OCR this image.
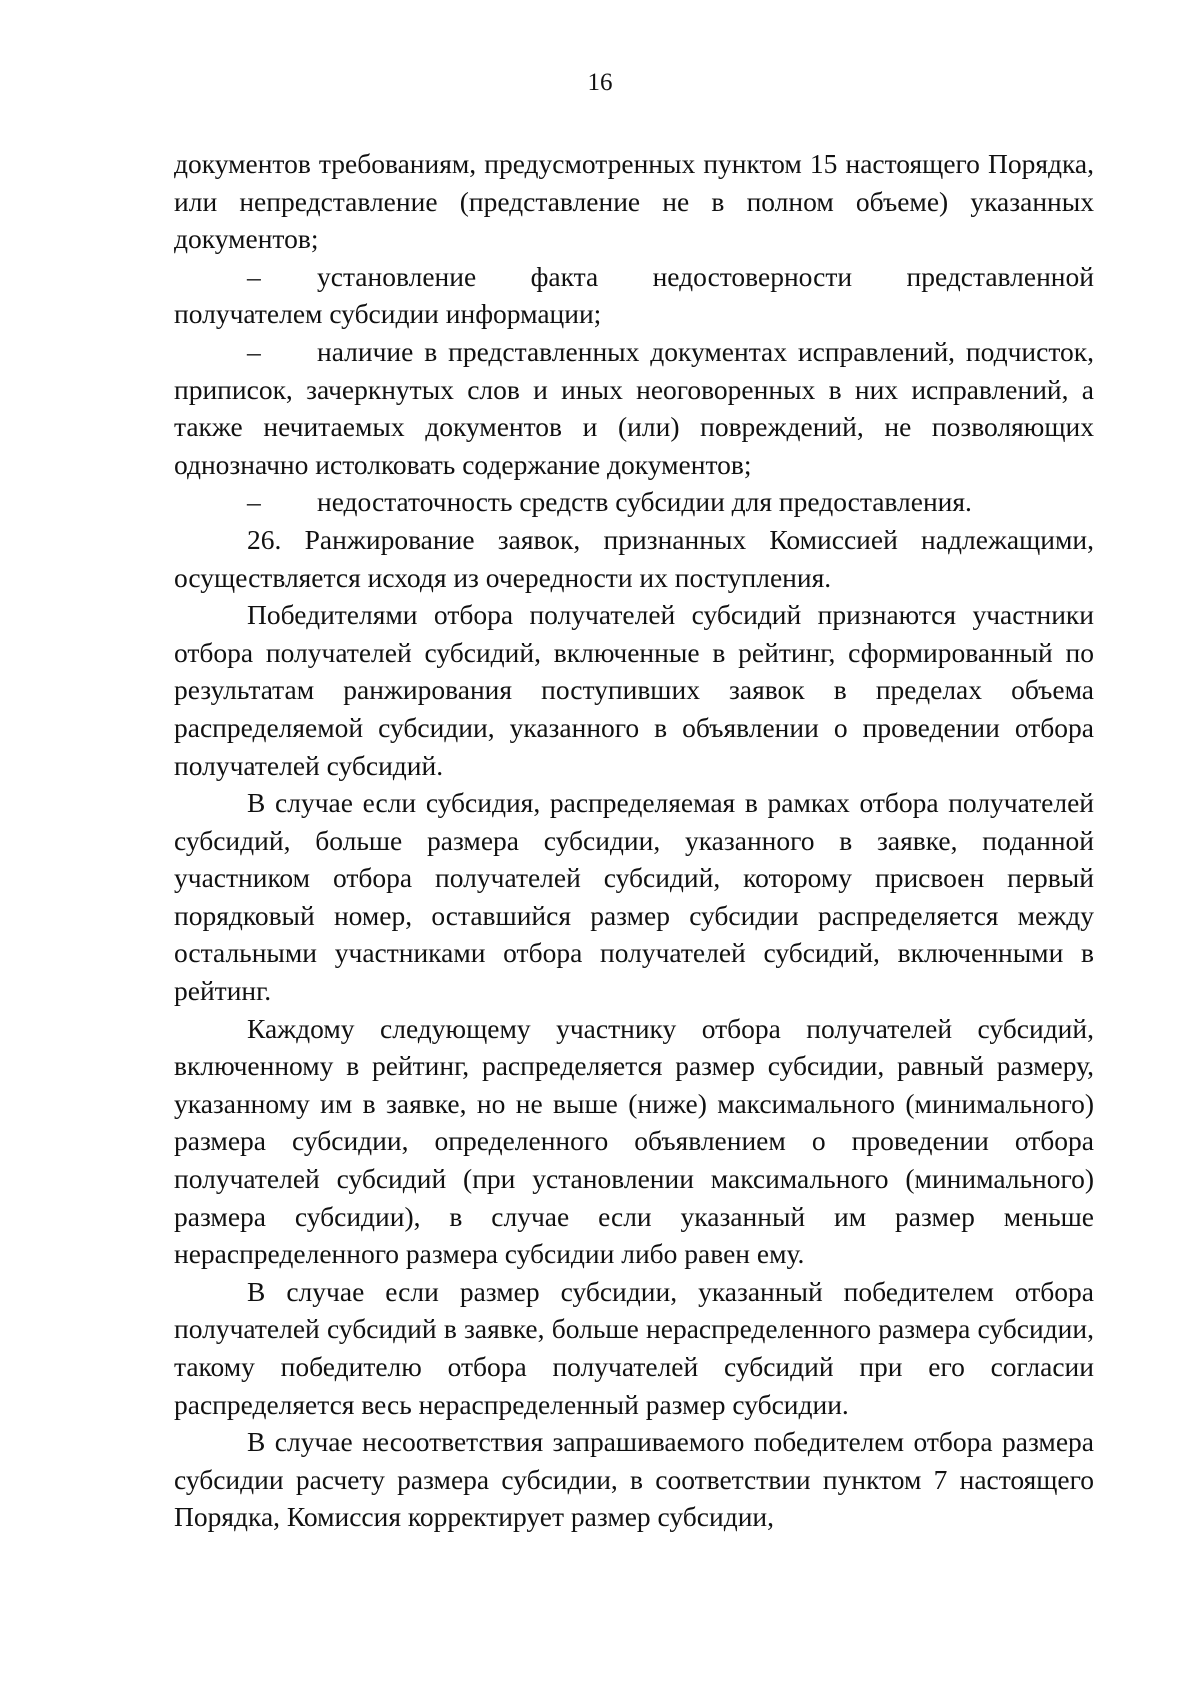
16

документов требованиям, предусмотренных пунктом 15 настоящего Порядка, или непредставление (представление не в полном объеме) указанных документов;

– установление факта недостоверности представленной получателем субсидии информации;

– наличие в представленных документах исправлений, подчисток, приписок, зачеркнутых слов и иных неоговоренных в них исправлений, а также нечитаемых документов и (или) повреждений, не позволяющих однозначно истолковать содержание документов;

– недостаточность средств субсидии для предоставления.

26. Ранжирование заявок, признанных Комиссией надлежащими, осуществляется исходя из очередности их поступления.

Победителями отбора получателей субсидий признаются участники отбора получателей субсидий, включенные в рейтинг, сформированный по результатам ранжирования поступивших заявок в пределах объема распределяемой субсидии, указанного в объявлении о проведении отбора получателей субсидий.

В случае если субсидия, распределяемая в рамках отбора получателей субсидий, больше размера субсидии, указанного в заявке, поданной участником отбора получателей субсидий, которому присвоен первый порядковый номер, оставшийся размер субсидии распределяется между остальными участниками отбора получателей субсидий, включенными в рейтинг.

Каждому следующему участнику отбора получателей субсидий, включенному в рейтинг, распределяется размер субсидии, равный размеру, указанному им в заявке, но не выше (ниже) максимального (минимального) размера субсидии, определенного объявлением о проведении отбора получателей субсидий (при установлении максимального (минимального) размера субсидии), в случае если указанный им размер меньше нераспределенного размера субсидии либо равен ему.

В случае если размер субсидии, указанный победителем отбора получателей субсидий в заявке, больше нераспределенного размера субсидии, такому победителю отбора получателей субсидий при его согласии распределяется весь нераспределенный размер субсидии.

В случае несоответствия запрашиваемого победителем отбора размера субсидии расчету размера субсидии, в соответствии пунктом 7 настоящего Порядка, Комиссия корректирует размер субсидии,
